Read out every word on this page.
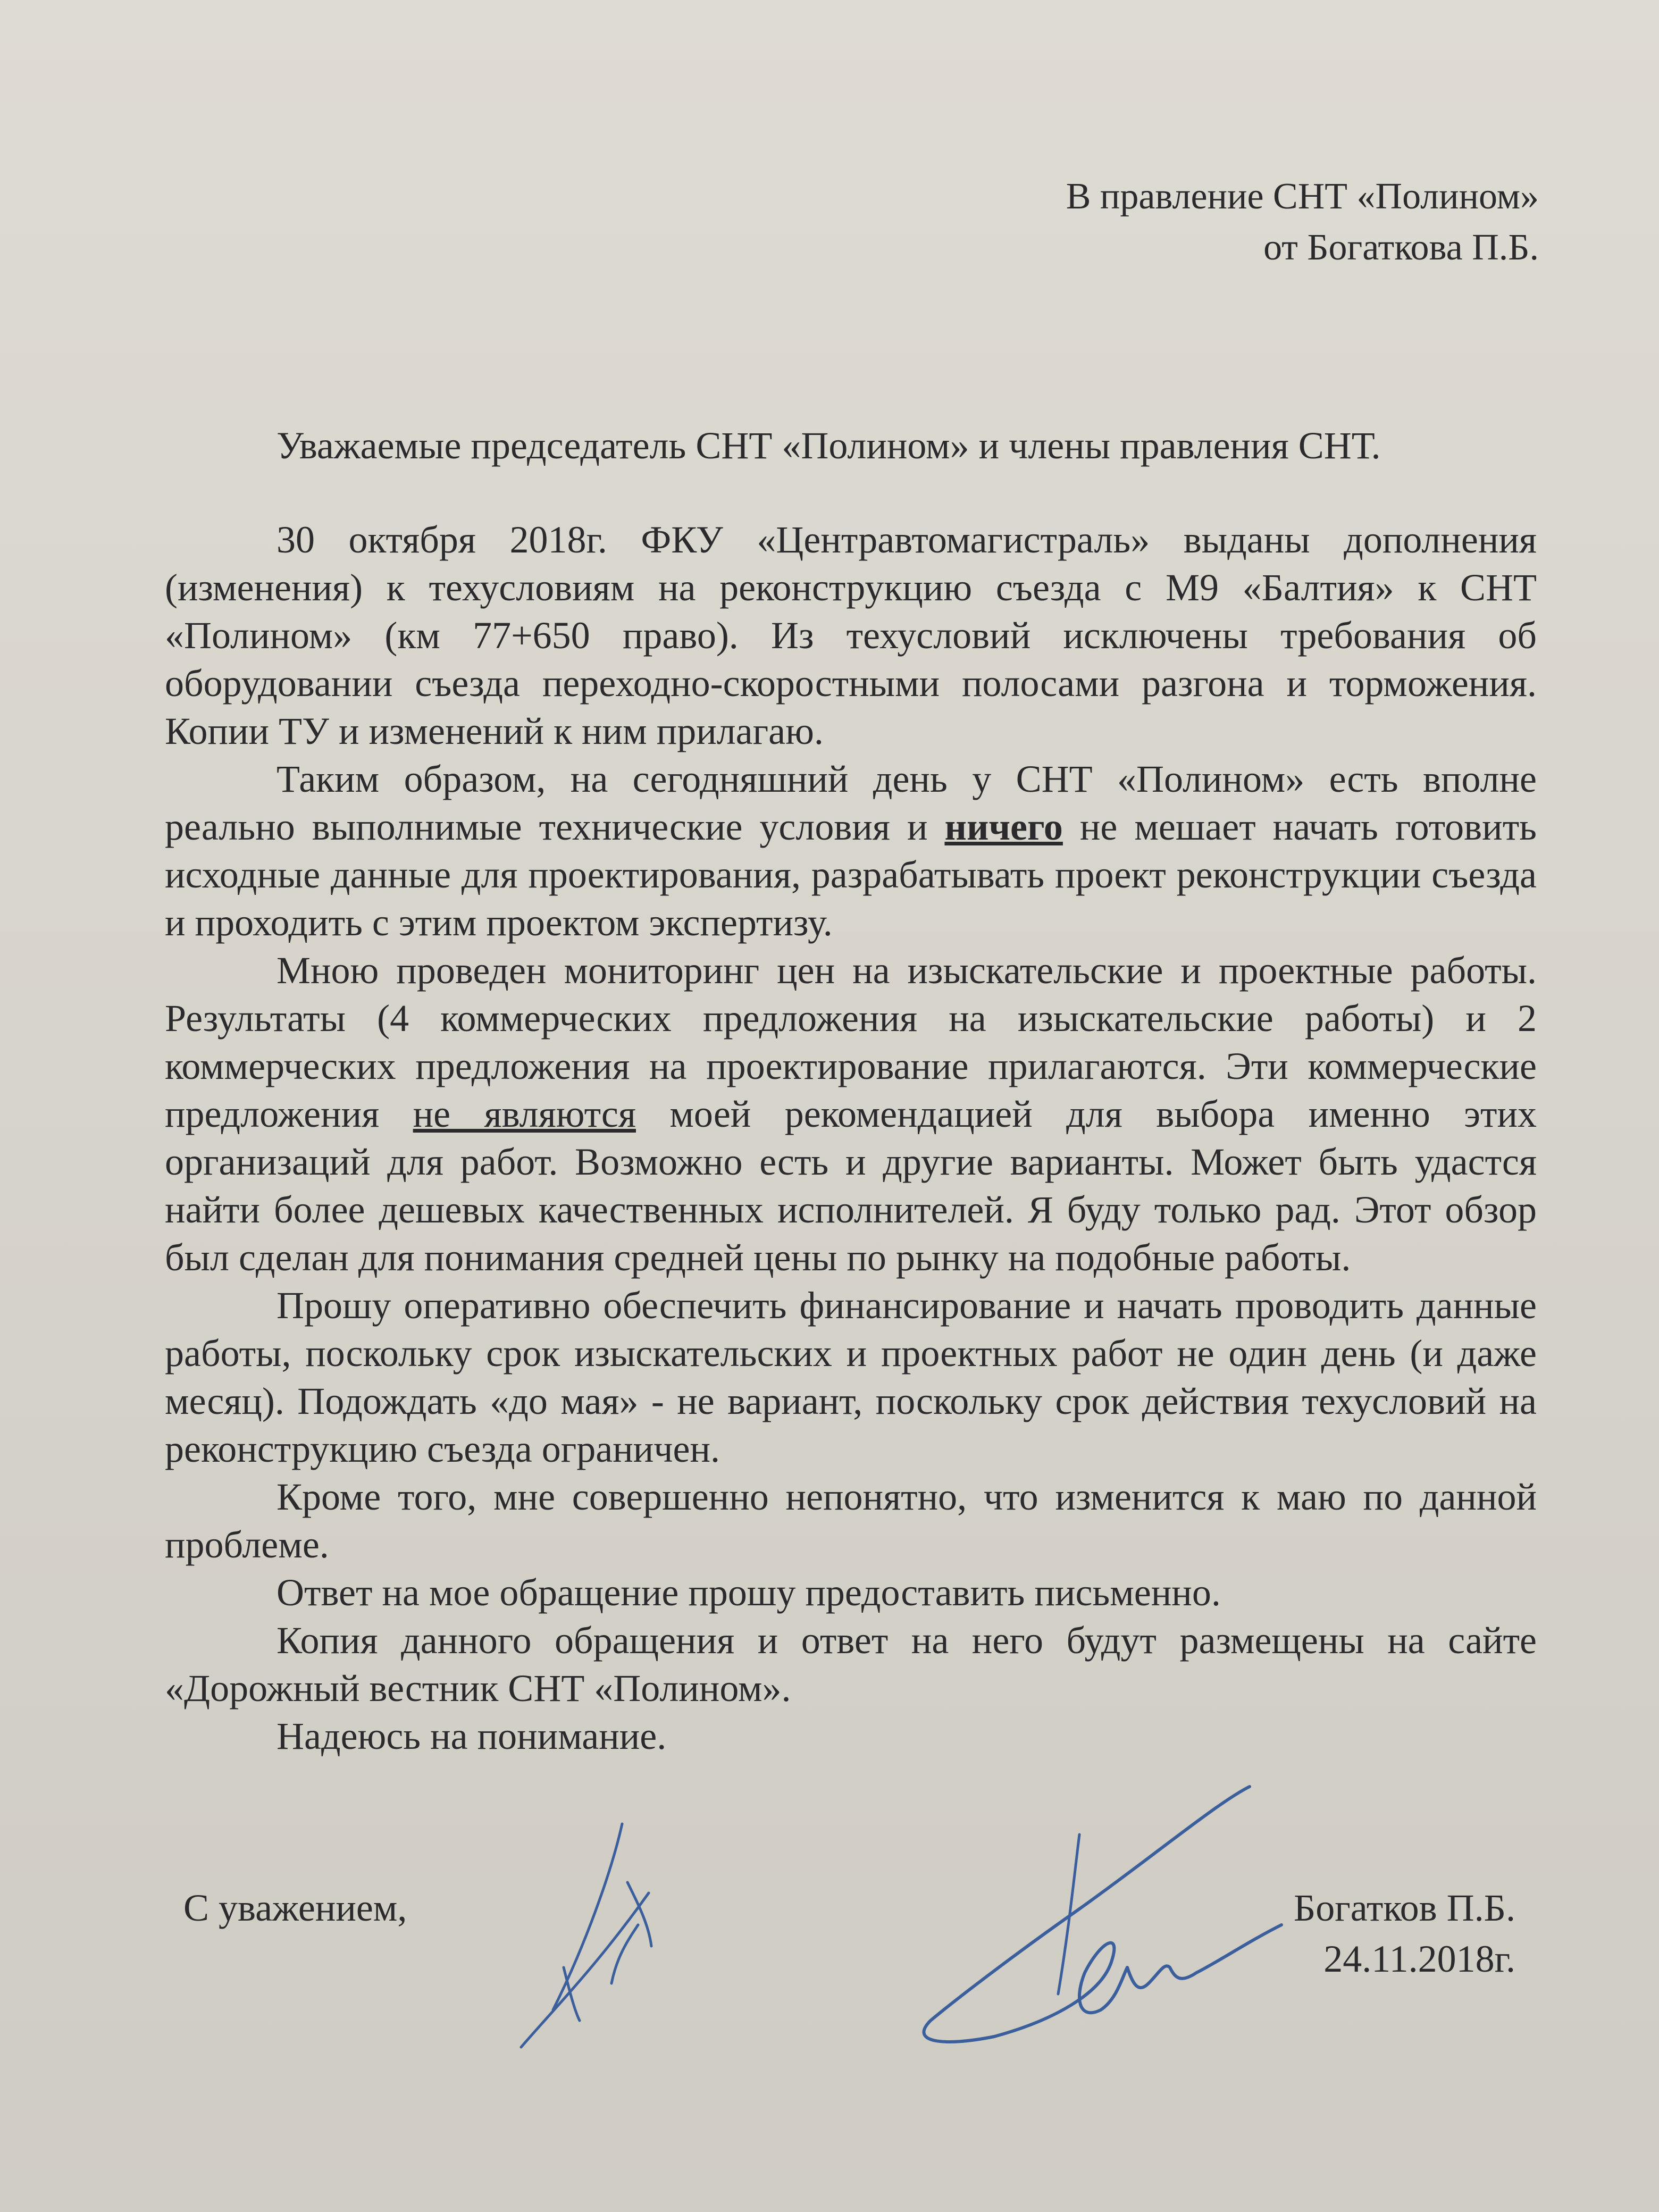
В правление СНТ «Полином»
от Богаткова П.Б.
Уважаемые председатель СНТ «Полином» и члены правления СНТ.

30 октября 2018г. ФКУ «Центравтомагистраль» выданы дополнения (изменения) к техусловиям на реконструкцию съезда с М9 «Балтия» к СНТ «Полином» (км 77+650 право). Из техусловий исключены требования об оборудовании съезда переходно-скоростными полосами разгона и торможения. Копии ТУ и изменений к ним прилагаю.

Таким образом, на сегодняшний день у СНТ «Полином» есть вполне реально выполнимые технические условия и ничего не мешает начать готовить исходные данные для проектирования, разрабатывать проект реконструкции съезда и проходить с этим проектом экспертизу.

Мною проведен мониторинг цен на изыскательские и проектные работы. Результаты (4 коммерческих предложения на изыскательские работы) и 2 коммерческих предложения на проектирование прилагаются. Эти коммерческие предложения не являются моей рекомендацией для выбора именно этих организаций для работ. Возможно есть и другие варианты. Может быть удастся найти более дешевых качественных исполнителей. Я буду только рад. Этот обзор был сделан для понимания средней цены по рынку на подобные работы.

Прошу оперативно обеспечить финансирование и начать проводить данные работы, поскольку срок изыскательских и проектных работ не один день (и даже месяц). Подождать «до мая» - не вариант, поскольку срок действия техусловий на реконструкцию съезда ограничен.

Кроме того, мне совершенно непонятно, что изменится к маю по данной проблеме.

Ответ на мое обращение прошу предоставить письменно.

Копия данного обращения и ответ на него будут размещены на сайте «Дорожный вестник СНТ «Полином».

Надеюсь на понимание.

С уважением,	Богатков П.Б.
24.11.2018г.
